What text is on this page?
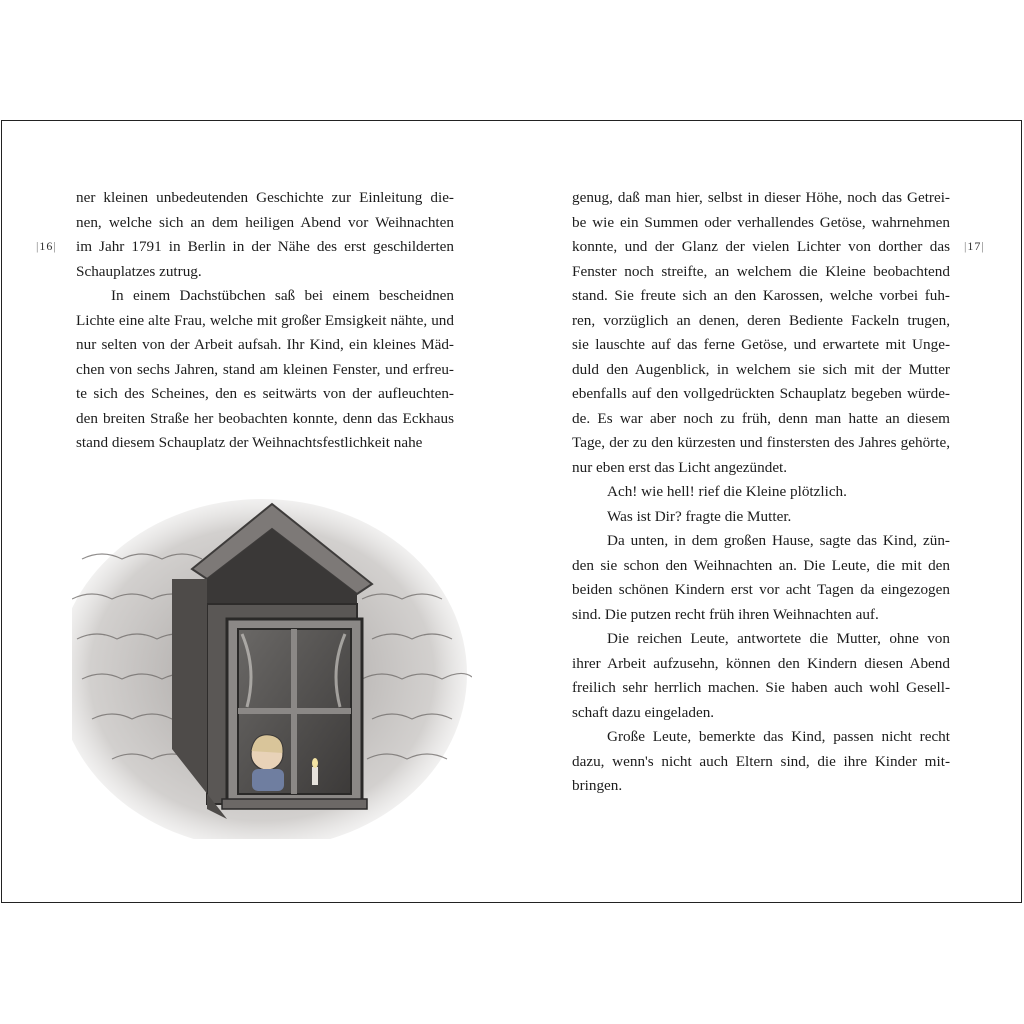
|16|	|17|
ner kleinen unbedeutenden Geschichte zur Einleitung die-
nen, welche sich an dem heiligen Abend vor Weihnachten
im Jahr 1791 in Berlin in der Nähe des erst geschilderten
Schauplatzes zutrug.
In einem Dachstübchen saß bei einem bescheidnen
Lichte eine alte Frau, welche mit großer Emsigkeit nähte, und
nur selten von der Arbeit aufsah. Ihr Kind, ein kleines Mäd-
chen von sechs Jahren, stand am kleinen Fenster, und erfreu-
te sich des Scheines, den es seitwärts von der aufleuchten-
den breiten Straße her beobachten konnte, denn das Eckhaus
stand diesem Schauplatz der Weihnachtsfestlichkeit nahe
genug, daß man hier, selbst in dieser Höhe, noch das Getrei-
be wie ein Summen oder verhallendes Getöse, wahrnehmen
konnte, und der Glanz der vielen Lichter von dorther das
Fenster noch streifte, an welchem die Kleine beobachtend
stand. Sie freute sich an den Karossen, welche vorbei fuh-
ren, vorzüglich an denen, deren Bediente Fackeln trugen,
sie lauschte auf das ferne Getöse, und erwartete mit Unge-
duld den Augenblick, in welchem sie sich mit der Mutter
ebenfalls auf den vollgedrückten Schauplatz begeben würde-
de. Es war aber noch zu früh, denn man hatte an diesem
Tage, der zu den kürzesten und finstersten des Jahres gehörte,
nur eben erst das Licht angezündet.
Ach! wie hell! rief die Kleine plötzlich.
Was ist Dir? fragte die Mutter.
Da unten, in dem großen Hause, sagte das Kind, zün-
den sie schon den Weihnachten an. Die Leute, die mit den
beiden schönen Kindern erst vor acht Tagen da eingezogen
sind. Die putzen recht früh ihren Weihnachten auf.
Die reichen Leute, antwortete die Mutter, ohne von
ihrer Arbeit aufzusehn, können den Kindern diesen Abend
freilich sehr herrlich machen. Sie haben auch wohl Gesell-
schaft dazu eingeladen.
Große Leute, bemerkte das Kind, passen nicht recht
dazu, wenn's nicht auch Eltern sind, die ihre Kinder mit-
bringen.
